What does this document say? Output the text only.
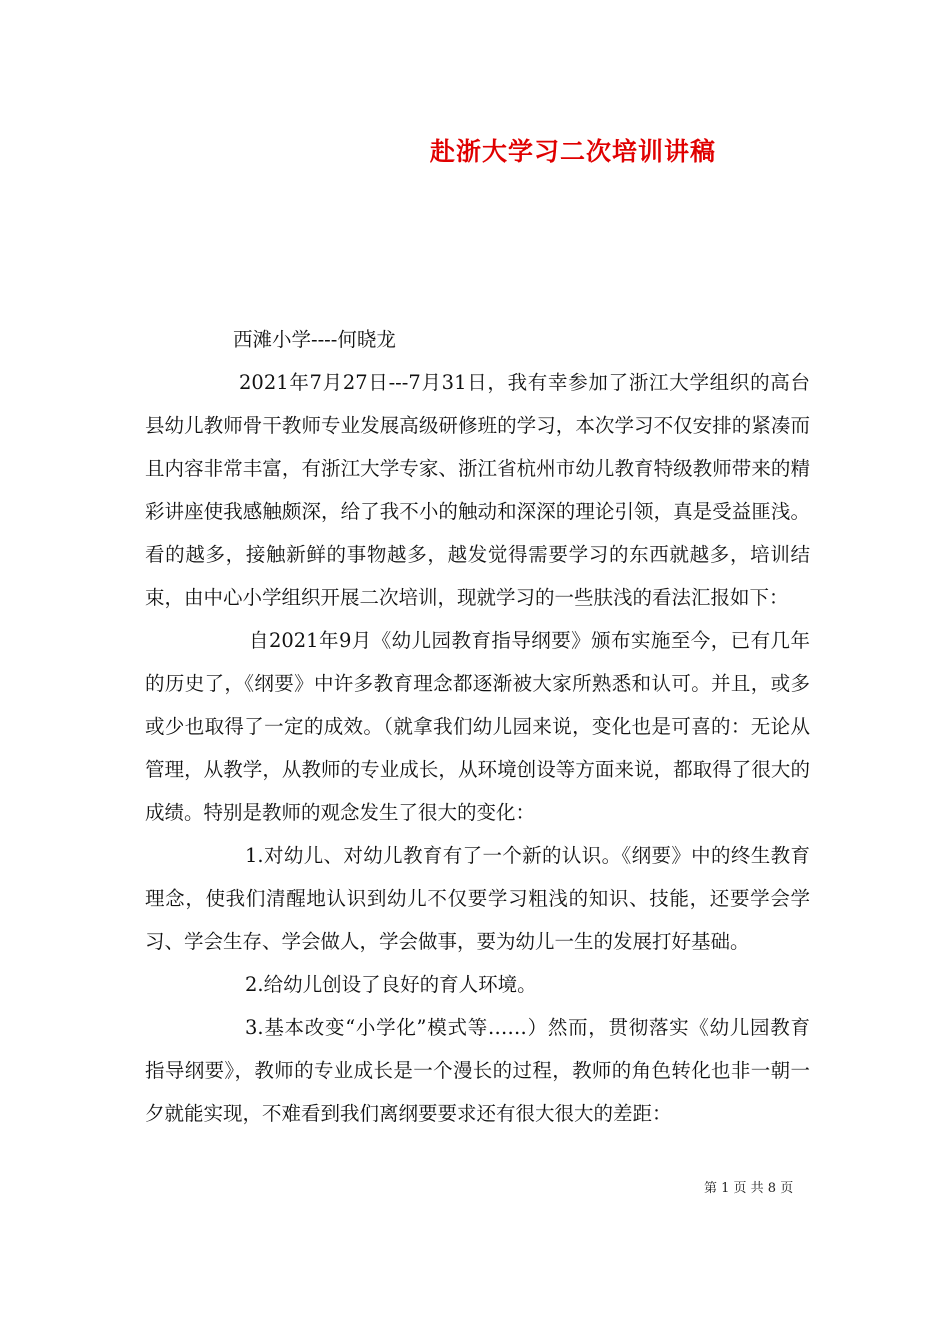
赴浙大学习二次培训讲稿

西滩小学----何晓龙

2021年7月27日---7月31日，我有幸参加了浙江大学组织的高台县幼儿教师骨干教师专业发展高级研修班的学习，本次学习不仅安排的紧凑而且内容非常丰富，有浙江大学专家、浙江省杭州市幼儿教育特级教师带来的精彩讲座使我感触颇深，给了我不小的触动和深深的理论引领，真是受益匪浅。看的越多，接触新鲜的事物越多，越发觉得需要学习的东西就越多，培训结束，由中心小学组织开展二次培训，现就学习的一些肤浅的看法汇报如下：

自2021年9月《幼儿园教育指导纲要》颁布实施至今，已有几年的历史了，《纲要》中许多教育理念都逐渐被大家所熟悉和认可。并且，或多或少也取得了一定的成效。（就拿我们幼儿园来说，变化也是可喜的：无论从管理，从教学，从教师的专业成长，从环境创设等方面来说，都取得了很大的成绩。特别是教师的观念发生了很大的变化：

1.对幼儿、对幼儿教育有了一个新的认识。《纲要》中的终生教育理念，使我们清醒地认识到幼儿不仅要学习粗浅的知识、技能，还要学会学习、学会生存、学会做人，学会做事，要为幼儿一生的发展打好基础。

2.给幼儿创设了良好的育人环境。

3.基本改变“小学化”模式等……）然而，贯彻落实《幼儿园教育指导纲要》，教师的专业成长是一个漫长的过程，教师的角色转化也非一朝一夕就能实现，不难看到我们离纲要要求还有很大很大的差距：

第 1 页 共 8 页
